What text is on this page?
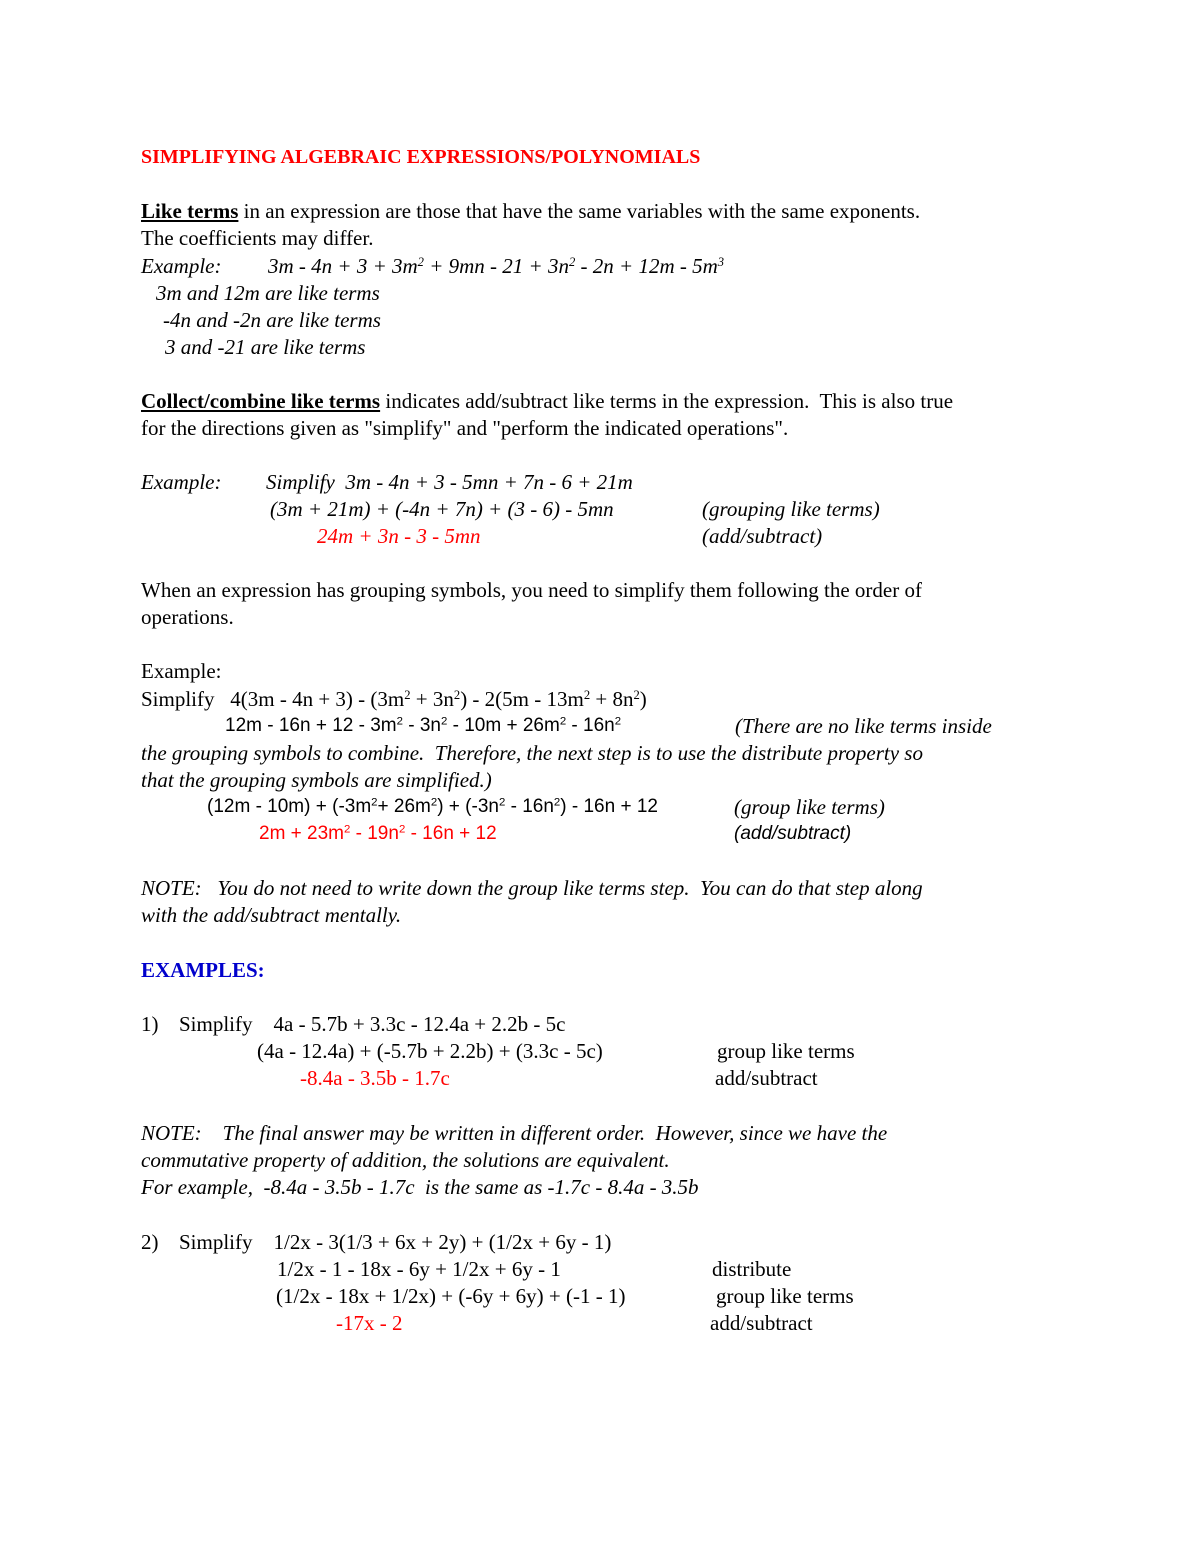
SIMPLIFYING ALGEBRAIC EXPRESSIONS/POLYNOMIALS
Like terms in an expression are those that have the same variables with the same exponents.
The coefficients may differ.
Example: $3m - 4n + 3 + 3m^2 + 9mn - 21 + 3n^2 - 2n + 12m - 5m^3$
3m and 12m are like terms
-4n and -2n are like terms
3 and -21 are like terms
Collect/combine like terms indicates add/subtract like terms in the expression.  This is also true
for the directions given as "simplify" and "perform the indicated operations".
Example: Simplify  3m - 4n + 3 - 5mn + 7n - 6 + 21m
(3m + 21m) + (-4n + 7n) + (3 - 6) - 5mn	(grouping like terms)
24m + 3n - 3 - 5mn	(add/subtract)
When an expression has grouping symbols, you need to simplify them following the order of
operations.
Example:
Simplify   $4(3m - 4n + 3) - (3m^2 + 3n^2) - 2(5m - 13m^2 + 8n^2)$
$12m - 16n + 12 - 3m^2 - 3n^2 - 10m + 26m^2 - 16n^2$	(There are no like terms inside
the grouping symbols to combine.  Therefore, the next step is to use the distribute property so
that the grouping symbols are simplified.)
$(12m - 10m) + (-3m^2+ 26m^2) + (-3n^2 - 16n^2) - 16n + 12$	(group like terms)
$2m + 23m^2 - 19n^2 - 16n + 12$	(add/subtract)
NOTE:   You do not need to write down the group like terms step.  You can do that step along
with the add/subtract mentally.
EXAMPLES:
1) Simplify    4a - 5.7b + 3.3c - 12.4a + 2.2b - 5c
(4a - 12.4a) + (-5.7b + 2.2b) + (3.3c - 5c)	group like terms
-8.4a - 3.5b - 1.7c	add/subtract
NOTE:    The final answer may be written in different order.  However, since we have the
commutative property of addition, the solutions are equivalent.
For example,  -8.4a - 3.5b - 1.7c  is the same as -1.7c - 8.4a - 3.5b
2) Simplify    1/2x - 3(1/3 + 6x + 2y) + (1/2x + 6y - 1)
1/2x - 1 - 18x - 6y + 1/2x + 6y - 1	distribute
(1/2x - 18x + 1/2x) + (-6y + 6y) + (-1 - 1)	group like terms
-17x - 2	add/subtract
